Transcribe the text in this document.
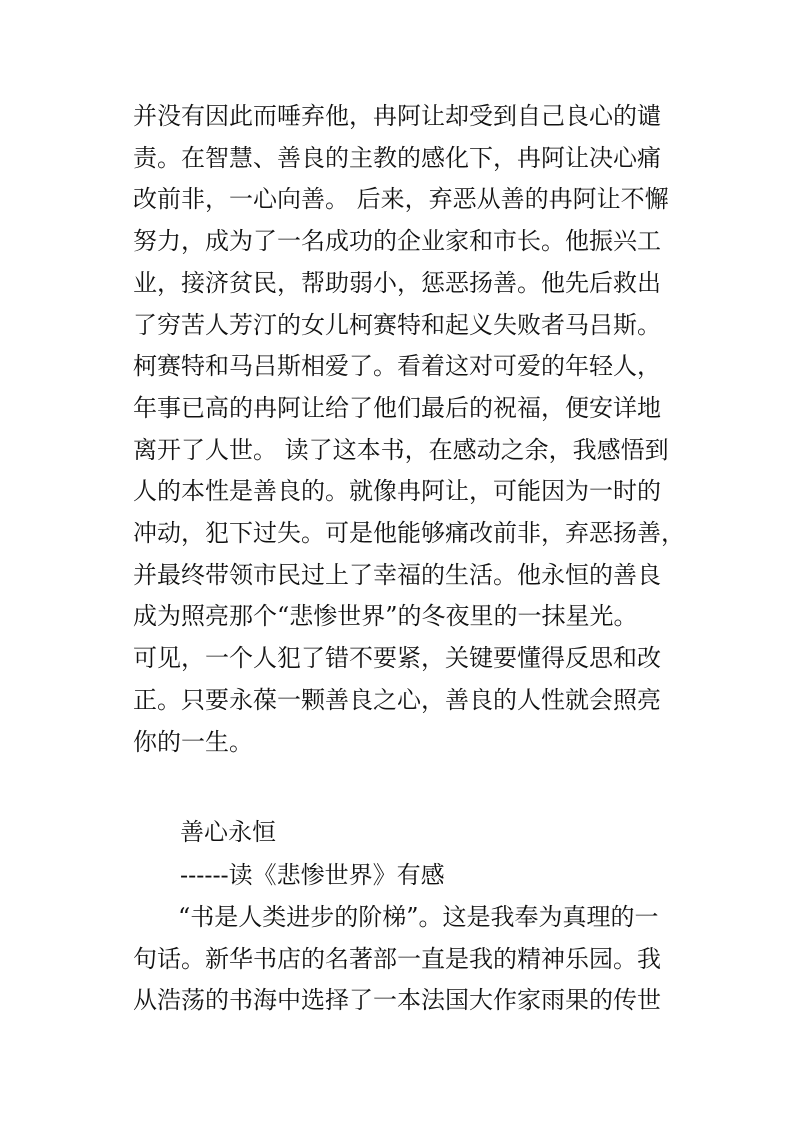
并没有因此而唾弃他，冉阿让却受到自己良心的谴
责。在智慧、善良的主教的感化下，冉阿让决心痛
改前非，一心向善。 后来，弃恶从善的冉阿让不懈
努力，成为了一名成功的企业家和市长。他振兴工
业，接济贫民，帮助弱小，惩恶扬善。他先后救出
了穷苦人芳汀的女儿柯赛特和起义失败者马吕斯。
柯赛特和马吕斯相爱了。看着这对可爱的年轻人，
年事已高的冉阿让给了他们最后的祝福，便安详地
离开了人世。 读了这本书，在感动之余，我感悟到
人的本性是善良的。就像冉阿让，可能因为一时的
冲动，犯下过失。可是他能够痛改前非，弃恶扬善，
并最终带领市民过上了幸福的生活。他永恒的善良
成为照亮那个“悲惨世界”的冬夜里的一抹星光。
可见，一个人犯了错不要紧，关键要懂得反思和改
正。只要永葆一颗善良之心，善良的人性就会照亮
你的一生。
善心永恒
------读《悲惨世界》有感
“书是人类进步的阶梯”。这是我奉为真理的一
句话。新华书店的名著部一直是我的精神乐园。我
从浩荡的书海中选择了一本法国大作家雨果的传世
